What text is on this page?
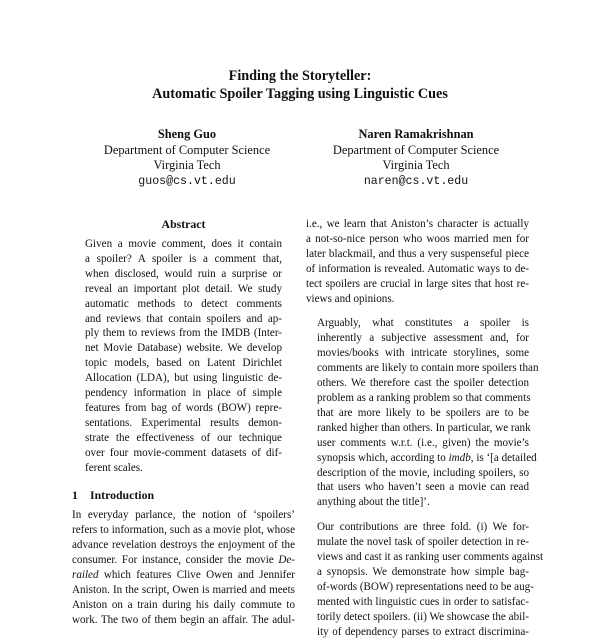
Finding the Storyteller:
Automatic Spoiler Tagging using Linguistic Cues
Sheng Guo
Department of Computer Science
Virginia Tech
guos@cs.vt.edu
Naren Ramakrishnan
Department of Computer Science
Virginia Tech
naren@cs.vt.edu
Abstract
Given a movie comment, does it contain
a spoiler? A spoiler is a comment that,
when disclosed, would ruin a surprise or
reveal an important plot detail. We study
automatic methods to detect comments
and reviews that contain spoilers and ap-
ply them to reviews from the IMDB (Inter-
net Movie Database) website. We develop
topic models, based on Latent Dirichlet
Allocation (LDA), but using linguistic de-
pendency information in place of simple
features from bag of words (BOW) repre-
sentations. Experimental results demon-
strate the effectiveness of our technique
over four movie-comment datasets of dif-
ferent scales.
1 Introduction
In everyday parlance, the notion of ‘spoilers’
refers to information, such as a movie plot, whose
advance revelation destroys the enjoyment of the
consumer. For instance, consider the movie De-
railed which features Clive Owen and Jennifer
Aniston. In the script, Owen is married and meets
Aniston on a train during his daily commute to
work. The two of them begin an affair. The adul-
i.e., we learn that Aniston’s character is actually
a not-so-nice person who woos married men for
later blackmail, and thus a very suspenseful piece
of information is revealed. Automatic ways to de-
tect spoilers are crucial in large sites that host re-
views and opinions.
Arguably, what constitutes a spoiler is
inherently a subjective assessment and, for
movies/books with intricate storylines, some
comments are likely to contain more spoilers than
others. We therefore cast the spoiler detection
problem as a ranking problem so that comments
that are more likely to be spoilers are to be
ranked higher than others. In particular, we rank
user comments w.r.t. (i.e., given) the movie’s
synopsis which, according to imdb, is ‘[a detailed
description of the movie, including spoilers, so
that users who haven’t seen a movie can read
anything about the title]’.
Our contributions are three fold. (i) We for-
mulate the novel task of spoiler detection in re-
views and cast it as ranking user comments against
a synopsis. We demonstrate how simple bag-
of-words (BOW) representations need to be aug-
mented with linguistic cues in order to satisfac-
torily detect spoilers. (ii) We showcase the abil-
ity of dependency parses to extract discrimina-
